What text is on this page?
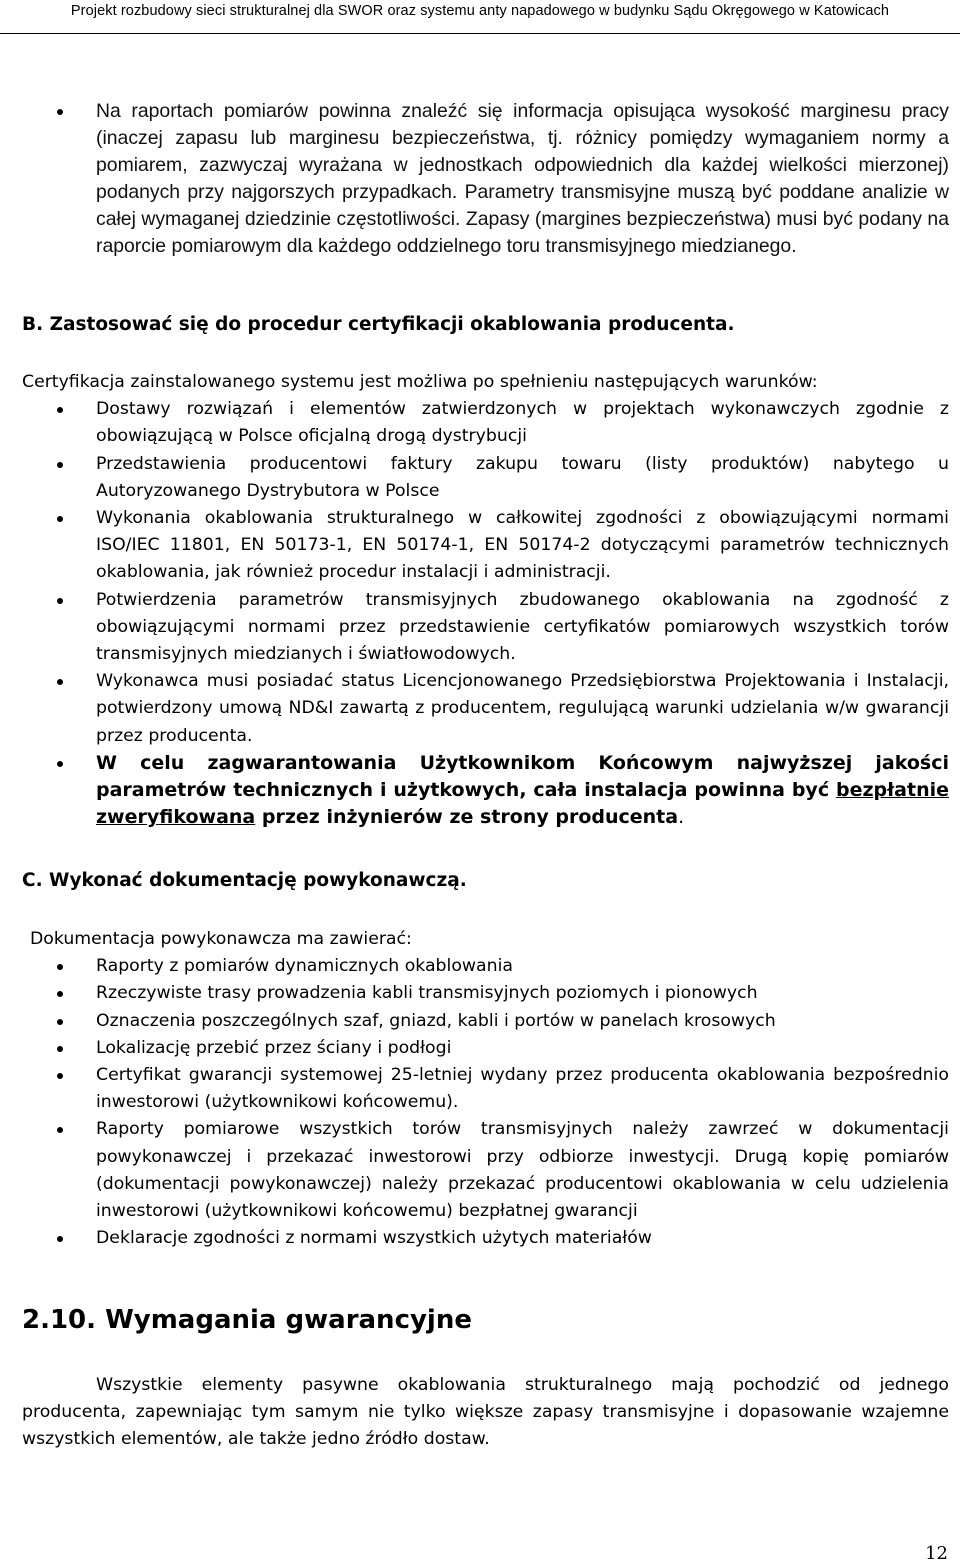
Projekt rozbudowy sieci strukturalnej dla SWOR oraz systemu anty napadowego w budynku Sądu Okręgowego w Katowicach
Na raportach pomiarów powinna znaleźć się informacja opisująca wysokość marginesu pracy (inaczej zapasu lub marginesu bezpieczeństwa, tj. różnicy pomiędzy wymaganiem normy a pomiarem, zazwyczaj wyrażana w jednostkach odpowiednich dla każdej wielkości mierzonej) podanych przy najgorszych przypadkach. Parametry transmisyjne muszą być poddane analizie w całej wymaganej dziedzinie częstotliwości. Zapasy (margines bezpieczeństwa) musi być podany na raporcie pomiarowym dla każdego oddzielnego toru transmisyjnego miedzianego.
B. Zastosować się do procedur certyfikacji okablowania producenta.
Certyfikacja zainstalowanego systemu jest możliwa po spełnieniu następujących warunków:
Dostawy rozwiązań i elementów zatwierdzonych w projektach wykonawczych zgodnie z obowiązującą w Polsce oficjalną drogą dystrybucji
Przedstawienia producentowi faktury zakupu towaru (listy produktów) nabytego u Autoryzowanego Dystrybutora w Polsce
Wykonania okablowania strukturalnego w całkowitej zgodności z obowiązującymi normami ISO/IEC 11801, EN 50173-1, EN 50174-1, EN 50174-2 dotyczącymi parametrów technicznych okablowania, jak również procedur instalacji i administracji.
Potwierdzenia parametrów transmisyjnych zbudowanego okablowania na zgodność z obowiązującymi normami przez przedstawienie certyfikatów pomiarowych wszystkich torów transmisyjnych miedzianych i światłowodowych.
Wykonawca musi posiadać status Licencjonowanego Przedsiębiorstwa Projektowania i Instalacji, potwierdzony umową ND&I zawartą z producentem, regulującą warunki udzielania w/w gwarancji przez producenta.
W celu zagwarantowania Użytkownikom Końcowym najwyższej jakości parametrów technicznych i użytkowych, cała instalacja powinna być bezpłatnie zweryfikowana przez inżynierów ze strony producenta.
C. Wykonać dokumentację powykonawczą.
Dokumentacja powykonawcza ma zawierać:
Raporty z pomiarów dynamicznych okablowania
Rzeczywiste trasy prowadzenia kabli transmisyjnych poziomych i pionowych
Oznaczenia poszczególnych szaf, gniazd, kabli i portów w panelach krosowych
Lokalizację przebić przez ściany i podłogi
Certyfikat gwarancji systemowej 25-letniej wydany przez producenta okablowania bezpośrednio inwestorowi (użytkownikowi końcowemu).
Raporty pomiarowe wszystkich torów transmisyjnych należy zawrzeć w dokumentacji powykonawczej i przekazać inwestorowi przy odbiorze inwestycji. Drugą kopię pomiarów (dokumentacji powykonawczej) należy przekazać producentowi okablowania w celu udzielenia inwestorowi (użytkownikowi końcowemu) bezpłatnej gwarancji
Deklaracje zgodności z normami wszystkich użytych materiałów
2.10. Wymagania gwarancyjne
Wszystkie elementy pasywne okablowania strukturalnego mają pochodzić od jednego producenta, zapewniając tym samym nie tylko większe zapasy transmisyjne i dopasowanie wzajemne wszystkich elementów, ale także jedno źródło dostaw.
12
